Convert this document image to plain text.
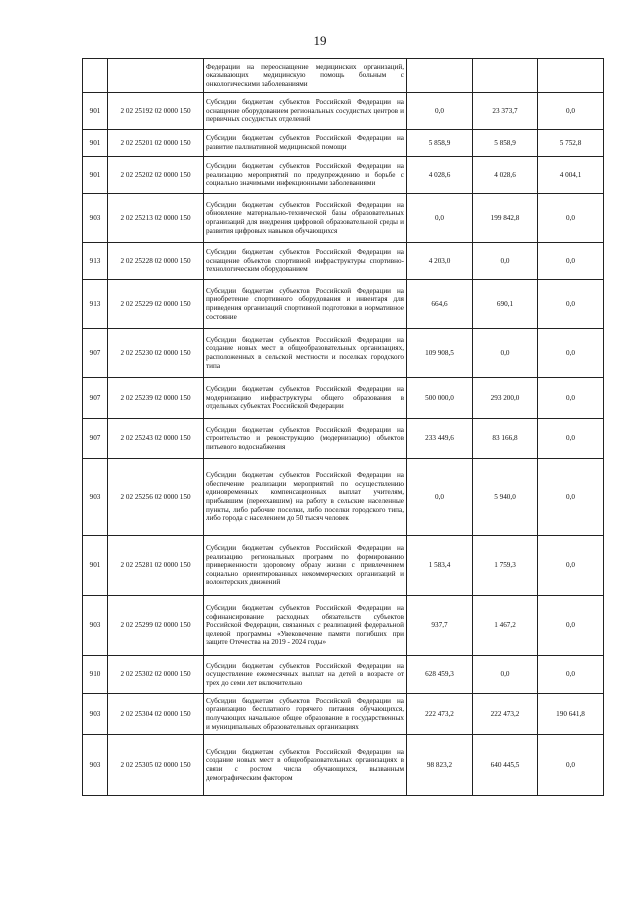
19
		Федерации на переоснащение медицинских организаций, оказывающих медицинскую помощь больным с онкологическими заболеваниями			
901	2 02 25192 02 0000 150	Субсидии бюджетам субъектов Российской Федерации на оснащение оборудованием региональных сосудистых центров и первичных сосудистых отделений	0,0	23 373,7	0,0
901	2 02 25201 02 0000 150	Субсидии бюджетам субъектов Российской Федерации на развитие паллиативной медицинской помощи	5 858,9	5 858,9	5 752,8
901	2 02 25202 02 0000 150	Субсидии бюджетам субъектов Российской Федерации на реализацию мероприятий по предупреждению и борьбе с социально значимыми инфекционными заболеваниями	4 028,6	4 028,6	4 004,1
903	2 02 25213 02 0000 150	Субсидии бюджетам субъектов Российской Федерации на обновление материально-технической базы образовательных организаций для внедрения цифровой образовательной среды и развития цифровых навыков обучающихся	0,0	199 842,8	0,0
913	2 02 25228 02 0000 150	Субсидии бюджетам субъектов Российской Федерации на оснащение объектов спортивной инфраструктуры спортивно-технологическим оборудованием	4 203,0	0,0	0,0
913	2 02 25229 02 0000 150	Субсидии бюджетам субъектов Российской Федерации на приобретение спортивного оборудования и инвентаря для приведения организаций спортивной подготовки в нормативное состояние	664,6	690,1	0,0
907	2 02 25230 02 0000 150	Субсидии бюджетам субъектов Российской Федерации на создание новых мест в общеобразовательных организациях, расположенных в сельской местности и поселках городского типа	109 908,5	0,0	0,0
907	2 02 25239 02 0000 150	Субсидии бюджетам субъектов Российской Федерации на модернизацию инфраструктуры общего образования в отдельных субъектах Российской Федерации	500 000,0	293 200,0	0,0
907	2 02 25243 02 0000 150	Субсидии бюджетам субъектов Российской Федерации на строительство и реконструкцию (модернизацию) объектов питьевого водоснабжения	233 449,6	83 166,8	0,0
903	2 02 25256 02 0000 150	Субсидии бюджетам субъектов Российской Федерации на обеспечение реализации мероприятий по осуществлению единовременных компенсационных выплат учителям, прибывшим (переехавшим) на работу в сельские населенные пункты, либо рабочие поселки, либо поселки городского типа, либо города с населением до 50 тысяч человек	0,0	5 940,0	0,0
901	2 02 25281 02 0000 150	Субсидии бюджетам субъектов Российской Федерации на реализацию региональных программ по формированию приверженности здоровому образу жизни с привлечением социально ориентированных некоммерческих организаций и волонтерских движений	1 583,4	1 759,3	0,0
903	2 02 25299 02 0000 150	Субсидии бюджетам субъектов Российской Федерации на софинансирование расходных обязательств субъектов Российской Федерации, связанных с реализацией федеральной целевой программы «Увековечение памяти погибших при защите Отечества на 2019 - 2024 годы»	937,7	1 467,2	0,0
910	2 02 25302 02 0000 150	Субсидии бюджетам субъектов Российской Федерации на осуществление ежемесячных выплат на детей в возрасте от трех до семи лет включительно	628 459,3	0,0	0,0
903	2 02 25304 02 0000 150	Субсидии бюджетам субъектов Российской Федерации на организацию бесплатного горячего питания обучающихся, получающих начальное общее образование в государственных и муниципальных образовательных организациях	222 473,2	222 473,2	190 641,8
903	2 02 25305 02 0000 150	Субсидии бюджетам субъектов Российской Федерации на создание новых мест в общеобразовательных организациях в связи с ростом числа обучающихся, вызванным демографическим фактором	98 823,2	640 445,5	0,0
